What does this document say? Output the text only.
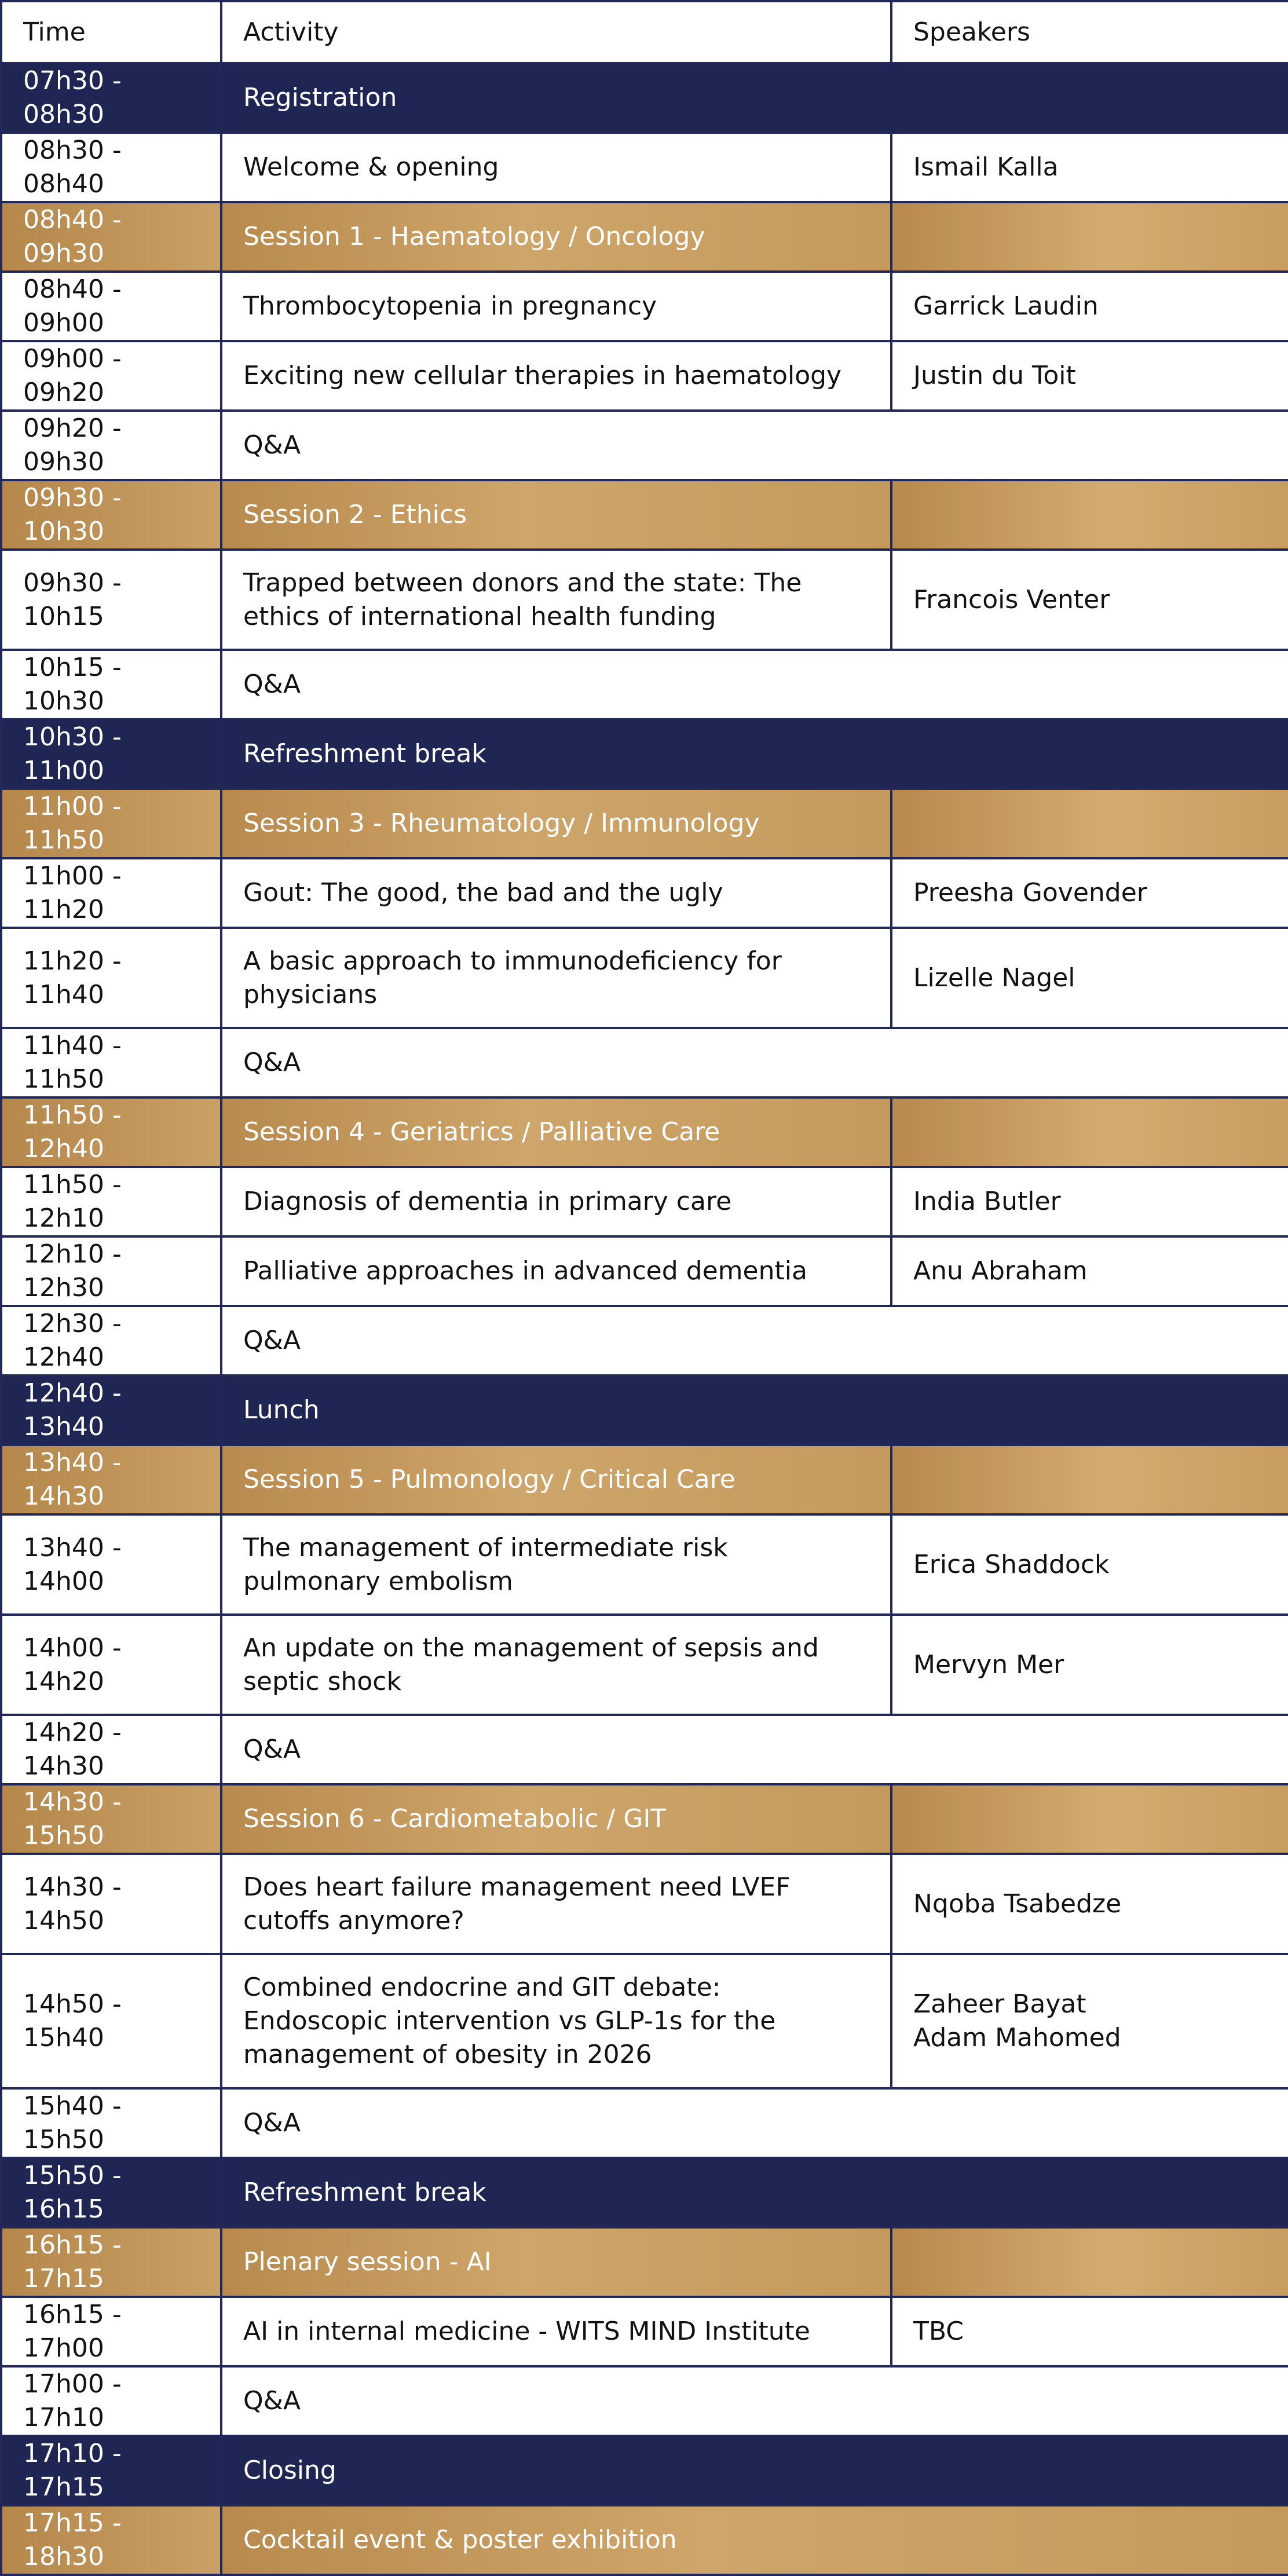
Time	Activity	Speakers
07h30 - 08h30	Registration	
08h30 - 08h40	Welcome & opening	Ismail Kalla

08h40 - 09h30	Session 1 - Haematology / Oncology	
08h40 - 09h00	Thrombocytopenia in pregnancy	Garrick Laudin

09h00 - 09h20	Exciting new cellular therapies in haematology	Justin du Toit

09h20 - 09h30	Q&A	
09h30 - 10h30	Session 2 - Ethics	
09h30 - 10h15	Trapped between donors and the state: The ethics of international health funding	Francois Venter

10h15 - 10h30	Q&A	
10h30 - 11h00	Refreshment break	
11h00 - 11h50	Session 3 - Rheumatology / Immunology	
11h00 - 11h20	Gout: The good, the bad and the ugly	Preesha Govender

11h20 - 11h40	A basic approach to immunodeficiency for physicians	Lizelle Nagel

11h40 - 11h50	Q&A	
11h50 - 12h40	Session 4 - Geriatrics / Palliative Care	
11h50 - 12h10	Diagnosis of dementia in primary care	India Butler

12h10 - 12h30	Palliative approaches in advanced dementia	Anu Abraham

12h30 - 12h40	Q&A	
12h40 - 13h40	Lunch	
13h40 - 14h30	Session 5 - Pulmonology / Critical Care	
13h40 - 14h00	The management of intermediate risk pulmonary embolism	Erica Shaddock

14h00 - 14h20	An update on the management of sepsis and septic shock	Mervyn Mer

14h20 - 14h30	Q&A	
14h30 - 15h50	Session 6 - Cardiometabolic / GIT	
14h30 - 14h50	Does heart failure management need LVEF cutoffs anymore?	Nqoba Tsabedze

14h50 - 15h40	Combined endocrine and GIT debate: Endoscopic intervention vs GLP-1s for the management of obesity in 2026	Zaheer Bayat
Adam Mahomed

15h40 - 15h50	Q&A	
15h50 - 16h15	Refreshment break	
16h15 - 17h15	Plenary session - AI	
16h15 - 17h00	AI in internal medicine - WITS MIND Institute	TBC

17h00 - 17h10	Q&A	
17h10 - 17h15	Closing	
17h15 - 18h30	Cocktail event & poster exhibition	
